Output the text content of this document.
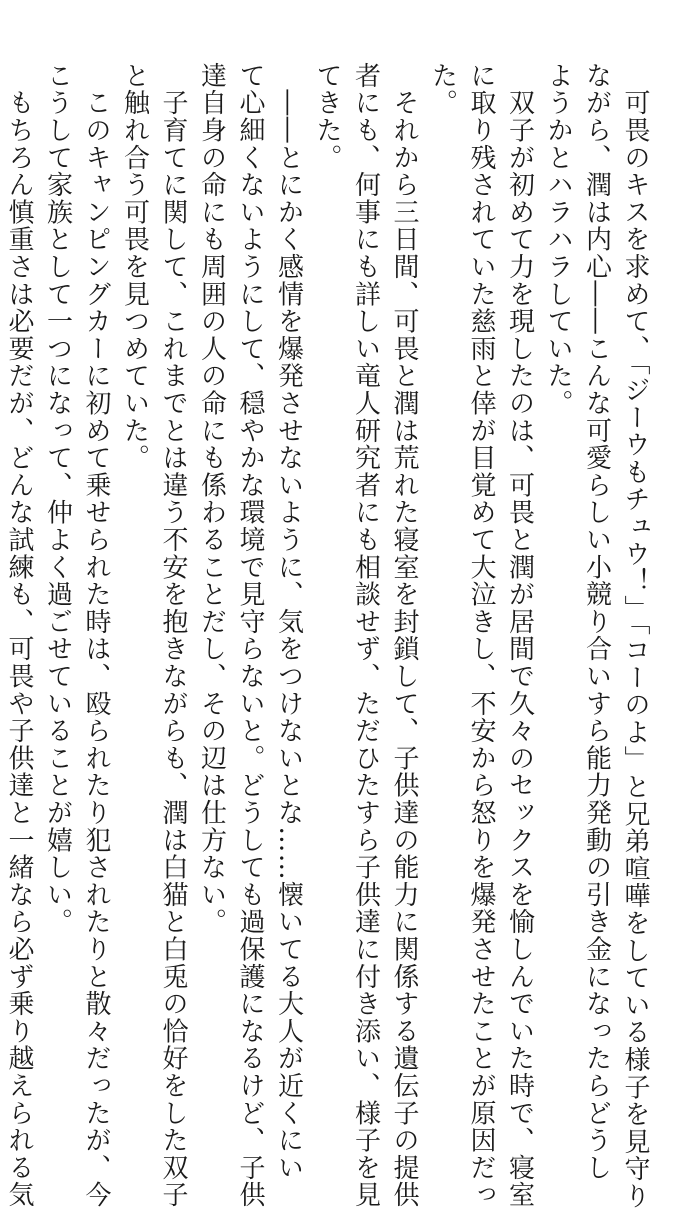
可畏のキスを求めて、「ジーウもチュウ！」「コーのよ」と兄弟喧嘩をしている様子を見守り
ながら、潤は内心――こんな可愛らしい小競り合いすら能力発動の引き金になったらどうし
ようかとハラハラしていた。
双子が初めて力を現したのは、可畏と潤が居間で久々のセックスを愉しんでいた時で、寝室
に取り残されていた慈雨と倖が目覚めて大泣きし、不安から怒りを爆発させたことが原因だっ
た。
それから三日間、可畏と潤は荒れた寝室を封鎖して、子供達の能力に関係する遺伝子の提供
者にも、何事にも詳しい竜人研究者にも相談せず、ただひたすら子供達に付き添い、様子を見
てきた。
――とにかく感情を爆発させないように、気をつけないとな……懐いてる大人が近くにい
て心細くないようにして、穏やかな環境で見守らないと。どうしても過保護になるけど、子供
達自身の命にも周囲の人の命にも係わることだし、その辺は仕方ない。
子育てに関して、これまでとは違う不安を抱きながらも、潤は白猫と白兎の恰好をした双子
と触れ合う可畏を見つめていた。
このキャンピングカーに初めて乗せられた時は、殴られたり犯されたりと散々だったが、今
こうして家族として一つになって、仲よく過ごせていることが嬉しい。
もちろん慎重さは必要だが、どんな試練も、可畏や子供達と一緒なら必ず乗り越えられる気
